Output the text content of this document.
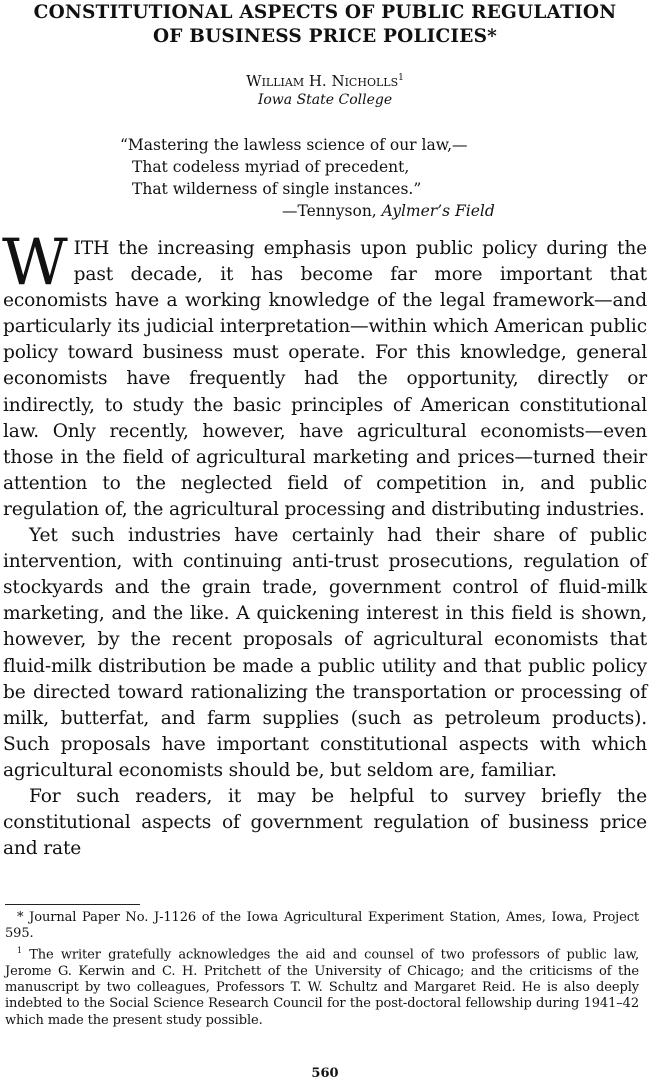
CONSTITUTIONAL ASPECTS OF PUBLIC REGULATION
OF BUSINESS PRICE POLICIES*
William H. Nicholls$^1$
Iowa State College
“Mastering the lawless science of our law,—
That codeless myriad of precedent,
That wilderness of single instances.”
—Tennyson, Aylmer’s Field

WITH the increasing emphasis upon public policy during the past decade, it has become far more important that economists have a working knowledge of the legal framework—and particularly its judicial interpretation—within which American public policy toward business must operate. For this knowledge, general economists have frequently had the opportunity, directly or indirectly, to study the basic principles of American constitutional law. Only recently, however, have agricultural economists—even those in the field of agricultural marketing and prices—turned their attention to the neglected field of competition in, and public regulation of, the agricultural processing and distributing industries.

Yet such industries have certainly had their share of public intervention, with continuing anti-trust prosecutions, regulation of stockyards and the grain trade, government control of fluid-milk marketing, and the like. A quickening interest in this field is shown, however, by the recent proposals of agricultural economists that fluid-milk distribution be made a public utility and that public policy be directed toward rationalizing the transportation or processing of milk, butterfat, and farm supplies (such as petroleum products). Such proposals have important constitutional aspects with which agricultural economists should be, but seldom are, familiar.

For such readers, it may be helpful to survey briefly the constitutional aspects of government regulation of business price and rate

* Journal Paper No. J-1126 of the Iowa Agricultural Experiment Station, Ames, Iowa, Project 595.

$^1$ The writer gratefully acknowledges the aid and counsel of two professors of public law, Jerome G. Kerwin and C. H. Pritchett of the University of Chicago; and the criticisms of the manuscript by two colleagues, Professors T. W. Schultz and Margaret Reid. He is also deeply indebted to the Social Science Research Council for the post-doctoral fellowship during 1941–42 which made the present study possible.

560
